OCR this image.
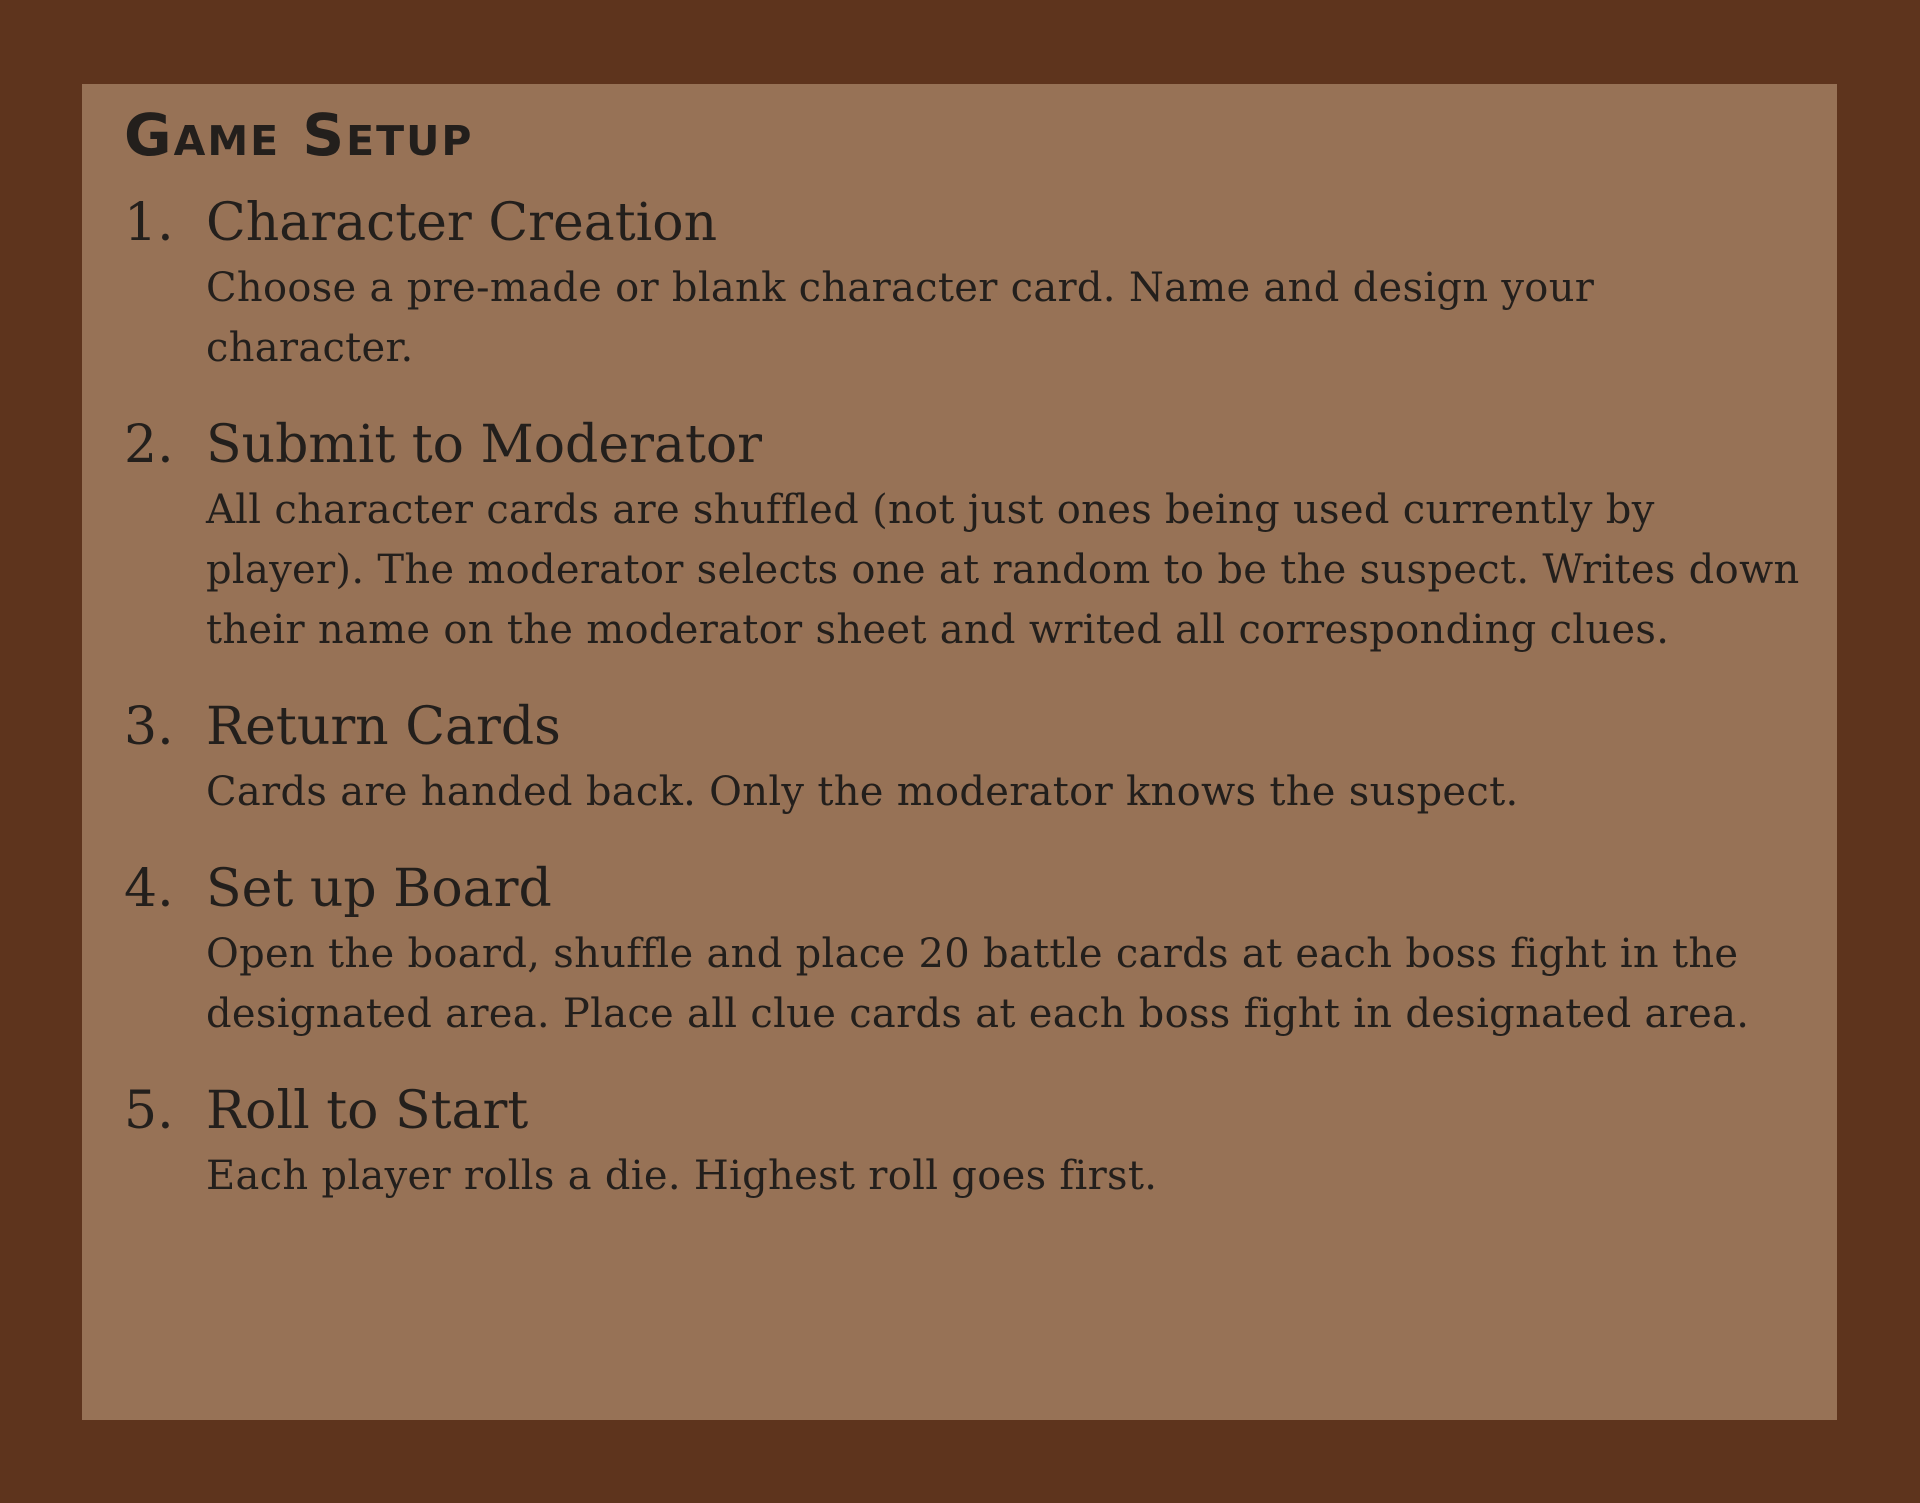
Game Setup
1. Character Creation
Choose a pre-made or blank character card. Name and design your character.
2. Submit to Moderator
All character cards are shuffled (not just ones being used currently by player). The moderator selects one at random to be the suspect. Writes down their name on the moderator sheet and writed all corresponding clues.
3. Return Cards
Cards are handed back. Only the moderator knows the suspect.
4. Set up Board
Open the board, shuffle and place 20 battle cards at each boss fight in the designated area. Place all clue cards at each boss fight in designated area.
5. Roll to Start
Each player rolls a die. Highest roll goes first.
